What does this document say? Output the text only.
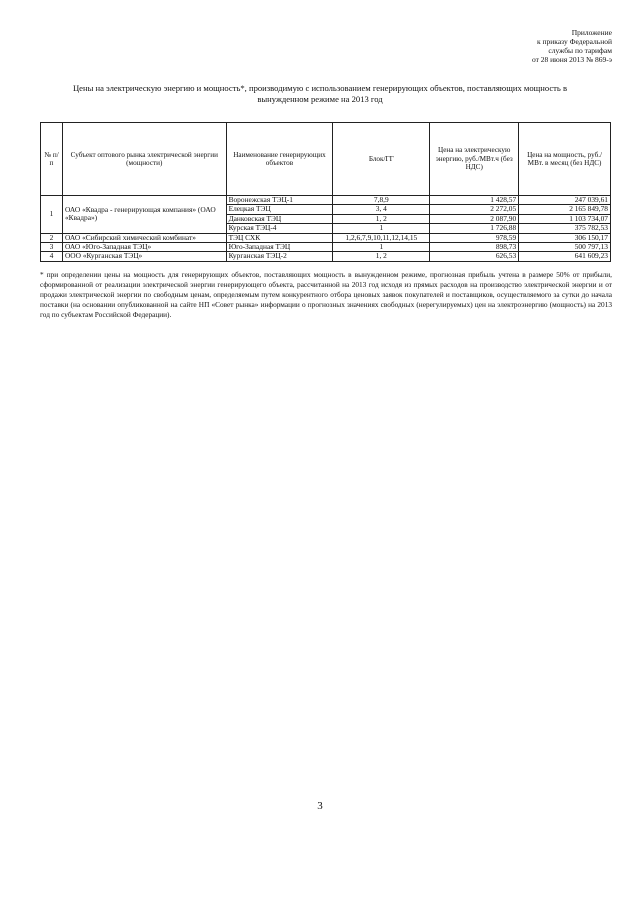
Приложение
к приказу Федеральной
службы по тарифам
от 28 июня 2013 № 869-э
Цены на электрическую энергию и мощность*, производимую с использованием генерирующих объектов, поставляющих мощность в
вынужденном режиме на 2013 год
№ п/п	Субъект оптового рынка электрической энергии (мощности)	Наименование генерирующих объектов	Блок/ГГ	Цена на электрическую энергию, руб./МВт.ч (без НДС)	Цена на мощность, руб./МВт. в месяц (без НДС)
1	ОАО «Квадра - генерирующая компания» (ОАО «Квадра»)	Воронежская ТЭЦ-1	7,8,9	1 428,57	247 039,61
		Елецкая ТЭЦ	3, 4	2 272,05	2 165 849,78
		Данковская ТЭЦ	1, 2	2 087,90	1 103 734,07
		Курская ТЭЦ-4	1	1 726,88	375 782,53
2	ОАО «Сибирский химический комбинат»	ТЭЦ СХК	1,2,6,7,9,10,11,12,14,15	978,59	306 150,17
3	ОАО «Юго-Западная ТЭЦ»	Юго-Западная ТЭЦ	1	898,73	500 797,13
4	ООО «Курганская ТЭЦ»	Курганская ТЭЦ-2	1, 2	626,53	641 609,23
* при определении цены на мощность для генерирующих объектов, поставляющих мощность в вынужденном режиме, прогнозная прибыль учтена в размере 50% от прибыли, сформированной от реализации электрической энергии генерирующего объекта, рассчитанной на 2013 год исходя из прямых расходов на производство электрической энергии и от продажи электрической энергии по свободным ценам, определяемым путем конкурентного отбора ценовых заявок покупателей и поставщиков, осуществляемого за сутки до начала поставки (на основании опубликованной на сайте НП «Совет рынка» информации о прогнозных значениях свободных (нерегулируемых) цен на электроэнергию (мощность) на 2013 год по субъектам Российской Федерации).
3
